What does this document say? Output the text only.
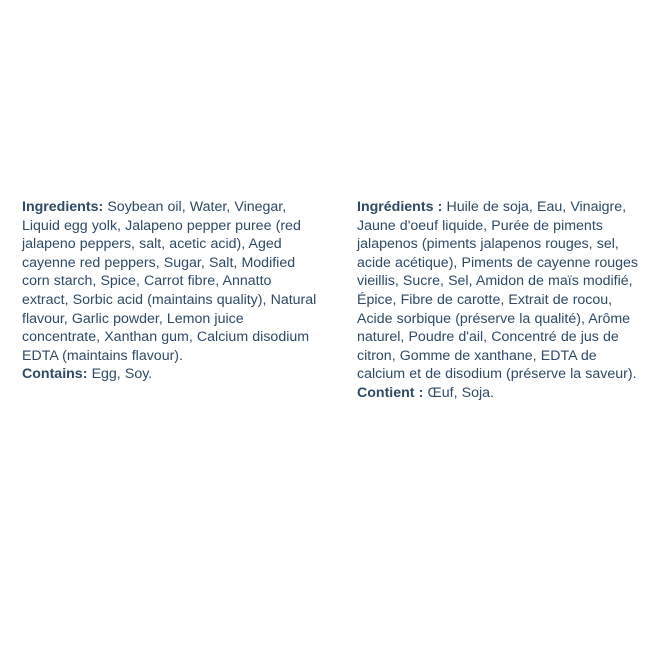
Ingredients: Soybean oil, Water, Vinegar, Liquid egg yolk, Jalapeno pepper puree (red jalapeno peppers, salt, acetic acid), Aged cayenne red peppers, Sugar, Salt, Modified corn starch, Spice, Carrot fibre, Annatto extract, Sorbic acid (maintains quality), Natural flavour, Garlic powder, Lemon juice concentrate, Xanthan gum, Calcium disodium EDTA (maintains flavour).

Contains: Egg, Soy.

Ingrédients : Huile de soja, Eau, Vinaigre, Jaune d'oeuf liquide, Purée de piments jalapenos (piments jalapenos rouges, sel, acide acétique), Piments de cayenne rouges vieillis, Sucre, Sel, Amidon de maïs modifié, Épice, Fibre de carotte, Extrait de rocou, Acide sorbique (préserve la qualité), Arôme naturel, Poudre d'ail, Concentré de jus de citron, Gomme de xanthane, EDTA de calcium et de disodium (préserve la saveur).

Contient : Œuf, Soja.
